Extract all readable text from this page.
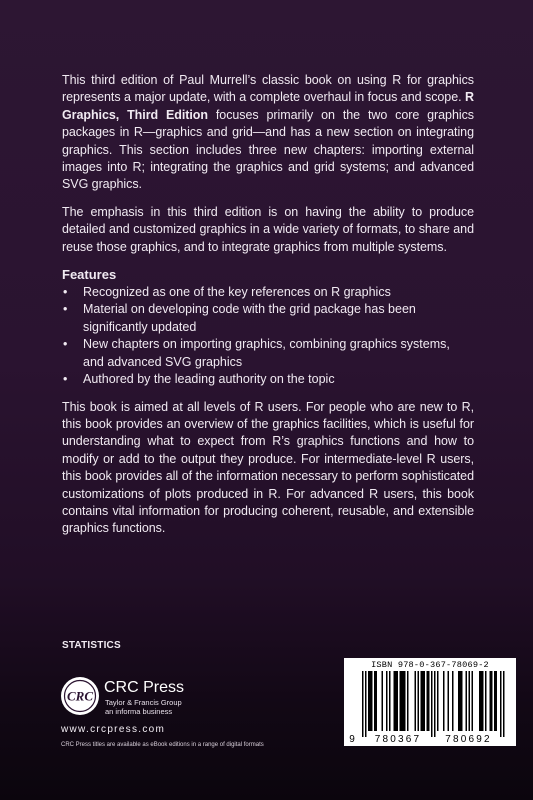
This third edition of Paul Murrell’s classic book on using R for graphics represents a major update, with a complete overhaul in focus and scope. R Graphics, Third Edition focuses primarily on the two core graphics packages in R—graphics and grid—and has a new section on integrating graphics. This section includes three new chapters: importing external images into R; integrating the graphics and grid systems; and advanced SVG graphics.

The emphasis in this third edition is on having the ability to produce detailed and customized graphics in a wide variety of formats, to share and reuse those graphics, and to integrate graphics from multiple systems.

Features
• Recognized as one of the key references on R graphics
• Material on developing code with the grid package has been significantly updated
• New chapters on importing graphics, combining graphics systems, and advanced SVG graphics
• Authored by the leading authority on the topic

This book is aimed at all levels of R users. For people who are new to R, this book provides an overview of the graphics facilities, which is useful for understanding what to expect from R’s graphics functions and how to modify or add to the output they produce. For intermediate-level R users, this book provides all of the information necessary to perform sophisticated customizations of plots produced in R. For advanced R users, this book contains vital information for producing coherent, reusable, and extensible graphics functions.

STATISTICS
CRC CRC Press
Taylor & Francis Group
an informa business
www.crcpress.com
CRC Press titles are available as eBook editions in a range of digital formats
ISBN 978-0-367-78069-2
9 780367 780692
